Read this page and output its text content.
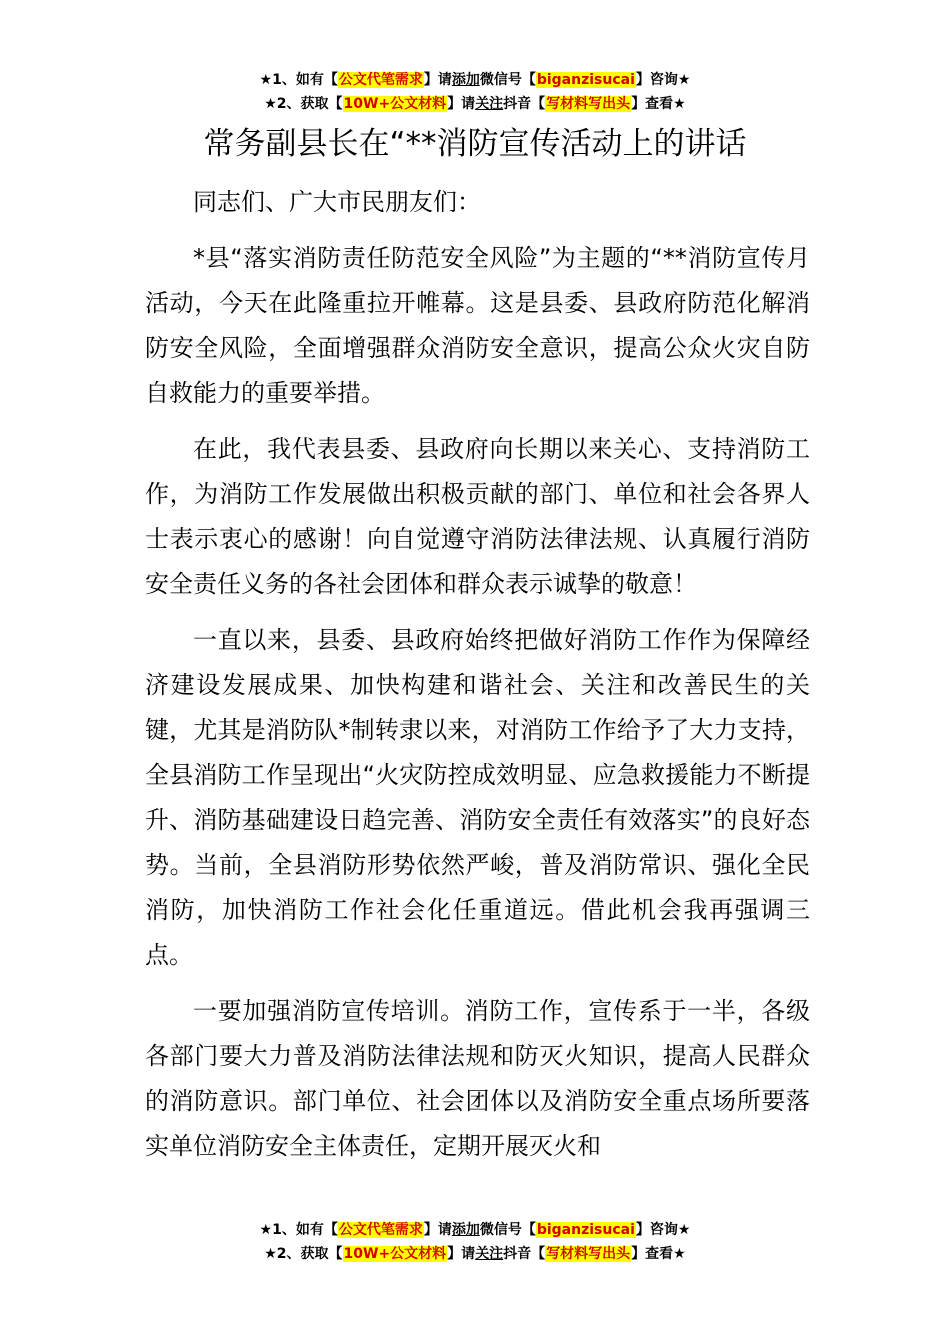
★1、如有【公文代笔需求】请添加微信号【biganzisucai】咨询★
★2、获取【10W+公文材料】请关注抖音【写材料写出头】查看★
常务副县长在“**消防宣传活动上的讲话

同志们、广大市民朋友们：

*县“落实消防责任防范安全风险”为主题的“**消防宣传月活动，今天在此隆重拉开帷幕。这是县委、县政府防范化解消防安全风险，全面增强群众消防安全意识，提高公众火灾自防自救能力的重要举措。

在此，我代表县委、县政府向长期以来关心、支持消防工作，为消防工作发展做出积极贡献的部门、单位和社会各界人士表示衷心的感谢！向自觉遵守消防法律法规、认真履行消防安全责任义务的各社会团体和群众表示诚挚的敬意！

一直以来，县委、县政府始终把做好消防工作作为保障经济建设发展成果、加快构建和谐社会、关注和改善民生的关键，尤其是消防队*制转隶以来，对消防工作给予了大力支持，全县消防工作呈现出“火灾防控成效明显、应急救援能力不断提升、消防基础建设日趋完善、消防安全责任有效落实”的良好态势。当前，全县消防形势依然严峻，普及消防常识、强化全民消防，加快消防工作社会化任重道远。借此机会我再强调三点。

一要加强消防宣传培训。消防工作，宣传系于一半，各级各部门要大力普及消防法律法规和防灭火知识，提高人民群众的消防意识。部门单位、社会团体以及消防安全重点场所要落实单位消防安全主体责任，定期开展灭火和

★1、如有【公文代笔需求】请添加微信号【biganzisucai】咨询★
★2、获取【10W+公文材料】请关注抖音【写材料写出头】查看★
